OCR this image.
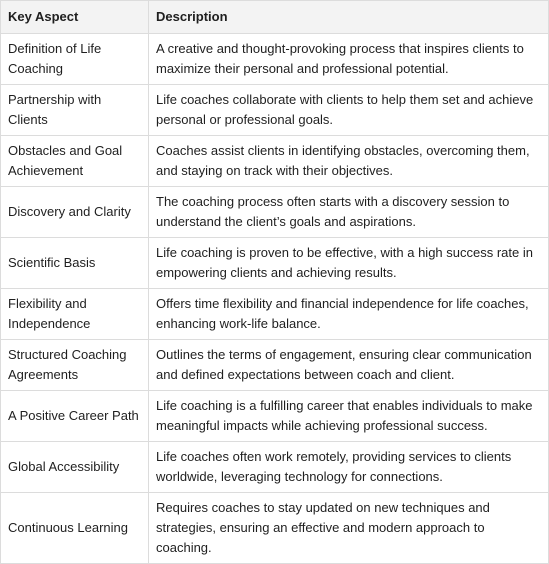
Key Aspect	Description
Definition of Life Coaching	A creative and thought-provoking process that inspires clients to maximize their personal and professional potential.
Partnership with Clients	Life coaches collaborate with clients to help them set and achieve personal or professional goals.
Obstacles and Goal Achievement	Coaches assist clients in identifying obstacles, overcoming them, and staying on track with their objectives.
Discovery and Clarity	The coaching process often starts with a discovery session to understand the client’s goals and aspirations.
Scientific Basis	Life coaching is proven to be effective, with a high success rate in empowering clients and achieving results.
Flexibility and Independence	Offers time flexibility and financial independence for life coaches, enhancing work-life balance.
Structured Coaching Agreements	Outlines the terms of engagement, ensuring clear communication and defined expectations between coach and client.
A Positive Career Path	Life coaching is a fulfilling career that enables individuals to make meaningful impacts while achieving professional success.
Global Accessibility	Life coaches often work remotely, providing services to clients worldwide, leveraging technology for connections.
Continuous Learning	Requires coaches to stay updated on new techniques and strategies, ensuring an effective and modern approach to coaching.
